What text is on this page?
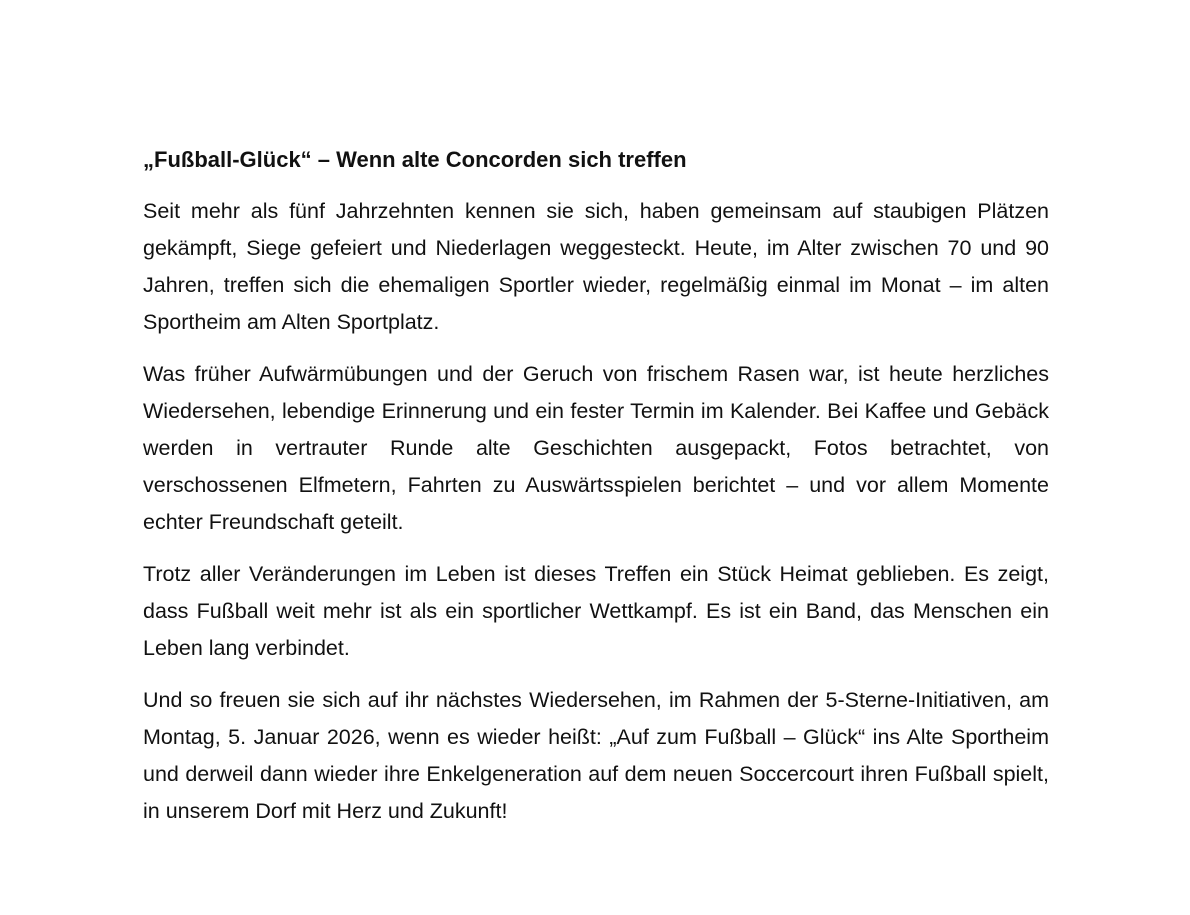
„Fußball-Glück“ – Wenn alte Concorden sich treffen

Seit mehr als fünf Jahrzehnten kennen sie sich, haben gemeinsam auf staubigen Plätzen gekämpft, Siege gefeiert und Niederlagen weggesteckt. Heute, im Alter zwischen 70 und 90 Jahren, treffen sich die ehemaligen Sportler wieder, regelmäßig einmal im Monat – im alten Sportheim am Alten Sportplatz.

Was früher Aufwärmübungen und der Geruch von frischem Rasen war, ist heute herzliches Wiedersehen, lebendige Erinnerung und ein fester Termin im Kalender. Bei Kaffee und Gebäck werden in vertrauter Runde alte Geschichten ausgepackt, Fotos betrachtet, von verschossenen Elfmetern, Fahrten zu Auswärtsspielen berichtet – und vor allem Momente echter Freundschaft geteilt.

Trotz aller Veränderungen im Leben ist dieses Treffen ein Stück Heimat geblieben. Es zeigt, dass Fußball weit mehr ist als ein sportlicher Wettkampf. Es ist ein Band, das Menschen ein Leben lang verbindet.

Und so freuen sie sich auf ihr nächstes Wiedersehen, im Rahmen der 5-Sterne-Initiativen, am Montag, 5. Januar 2026, wenn es wieder heißt: „Auf zum Fußball – Glück“ ins Alte Sportheim und derweil dann wieder ihre Enkelgeneration auf dem neuen Soccercourt ihren Fußball spielt, in unserem Dorf mit Herz und Zukunft!
